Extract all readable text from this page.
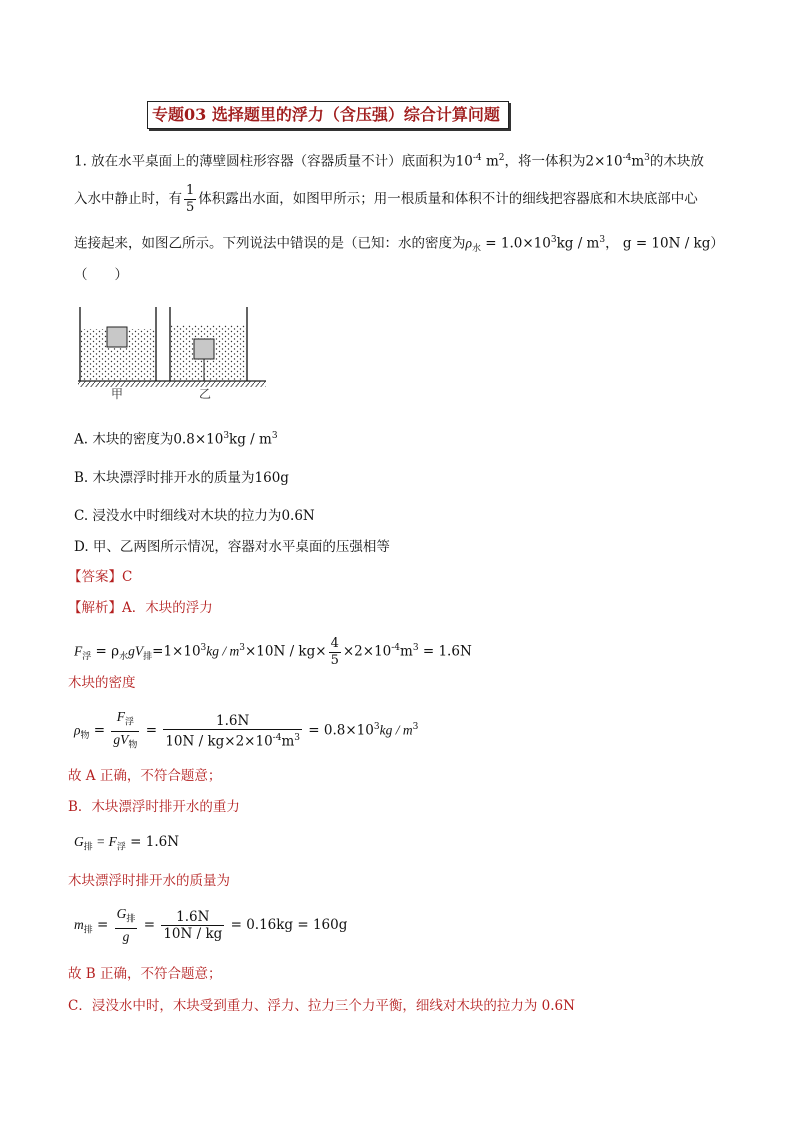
专题03 选择题里的浮力（含压强）综合计算问题
1. 放在水平桌面上的薄壁圆柱形容器（容器质量不计）底面积为$10^{-4}$ $m^2$，将一体积为$2\times 10^{-4}m^3$的木块放
入水中静止时，有 $\frac{1}{5}$ 体积露出水面，如图甲所示；用一根质量和体积不计的细线把容器底和木块底部中心
连接起来，如图乙所示。下列说法中错误的是（已知：水的密度为$\rho_水 = 1.0\times 10^3kg / m^3$， g = 10N / kg）
（　　）
甲	乙
A. 木块的密度为$0.8\times 10^3kg / m^3$
B. 木块漂浮时排开水的质量为160g
C. 浸没水中时细线对木块的拉力为0.6N
D. 甲、乙两图所示情况，容器对水平桌面的压强相等
【答案】C
【解析】A．木块的浮力
$F_浮 = \rho_水gV_排=1\times 10^3kg / m^3\times 10N / kg\times \frac{4}{5} \times 2\times 10^{-4}m^3 = 1.6N$
木块的密度
$\rho_物 = \frac{F_浮}{gV_物} = \frac{1.6N}{10N / kg\times 2\times 10^{-4}m^3} = 0.8\times 10^3kg / m^3$
故 A 正确，不符合题意；
B．木块漂浮时排开水的重力
$G_排 = F_浮 = 1.6N$
木块漂浮时排开水的质量为
$m_排 = \frac{G_排}{g} = \frac{1.6N}{10N / kg} = 0.16kg = 160g$
故 B 正确，不符合题意；
C．浸没水中时，木块受到重力、浮力、拉力三个力平衡，细线对木块的拉力为 0.6N
